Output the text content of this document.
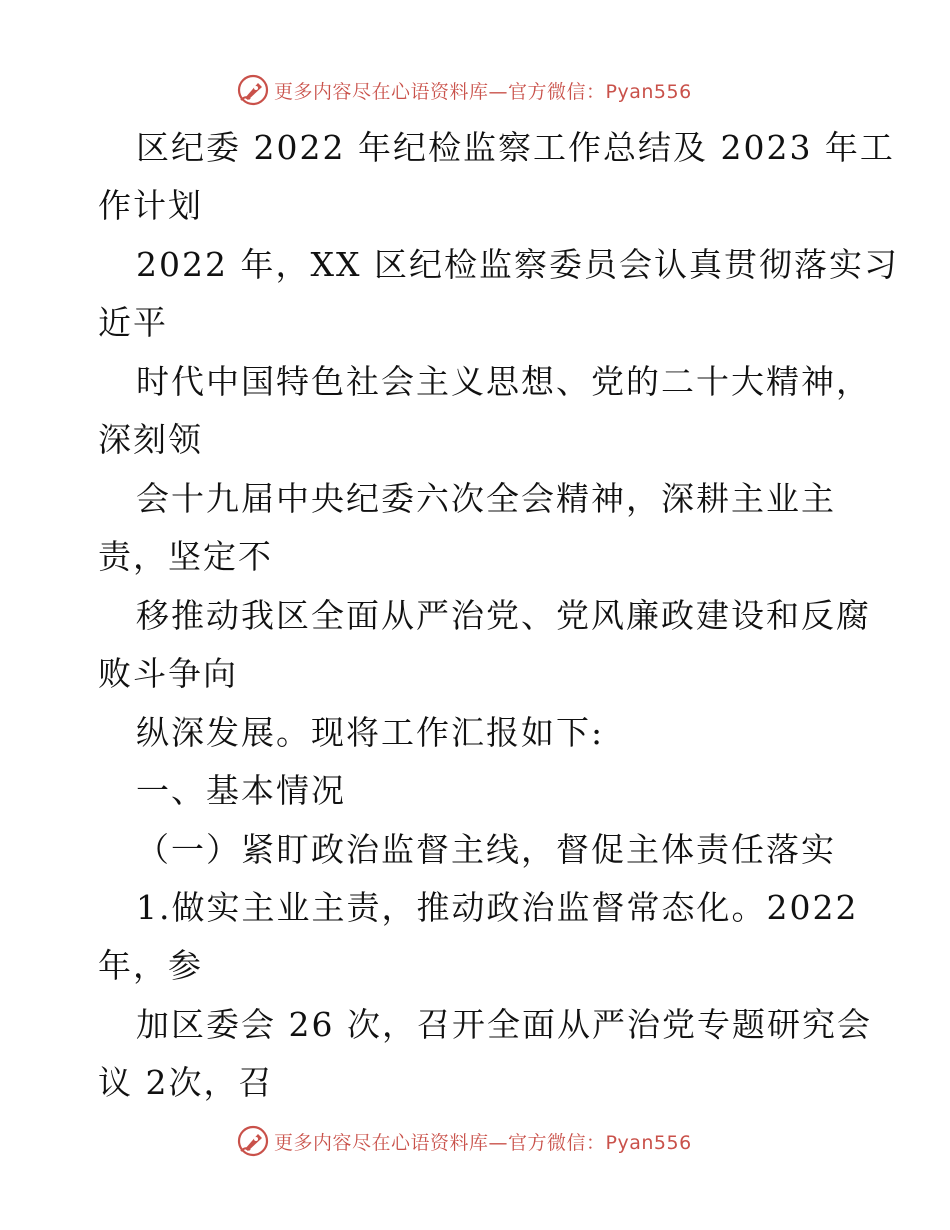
更多内容尽在心语资料库—官方微信：Pyan556
区纪委 2022 年纪检监察工作总结及 2023 年工
作计划
2022 年，XX 区纪检监察委员会认真贯彻落实习
近平
时代中国特色社会主义思想、党的二十大精神，
深刻领
会十九届中央纪委六次全会精神，深耕主业主
责，坚定不
移推动我区全面从严治党、党风廉政建设和反腐
败斗争向
纵深发展。现将工作汇报如下:
一、基本情况
（一）紧盯政治监督主线，督促主体责任落实
1.做实主业主责，推动政治监督常态化。2022
年，参
加区委会 26 次，召开全面从严治党专题研究会
议 2次，召
更多内容尽在心语资料库—官方微信：Pyan556
